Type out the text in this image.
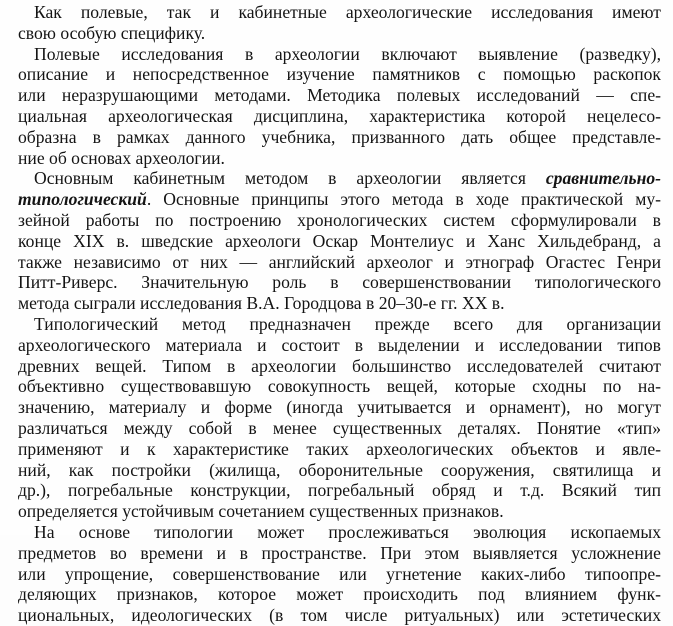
Как полевые, так и кабинетные археологические исследования имеют
свою особую специфику.

Полевые исследования в археологии включают выявление (разведку),
описание и непосредственное изучение памятников с помощью раскопок
или неразрушающими методами. Методика полевых исследований — спе-
циальная археологическая дисциплина, характеристика которой нецелесо-
образна в рамках данного учебника, призванного дать общее представле-
ние об основах археологии.

Основным кабинетным методом в археологии является сравнительно-
типологический. Основные принципы этого метода в ходе практической му-
зейной работы по построению хронологических систем сформулировали в
конце XIX в. шведские археологи Оскар Монтелиус и Ханс Хильдебранд, а
также независимо от них — английский археолог и этнограф Огастес Генри
Питт-Риверс. Значительную роль в совершенствовании типологического
метода сыграли исследования В.А. Городцова в 20–30-е гг. XX в.

Типологический метод предназначен прежде всего для организации
археологического материала и состоит в выделении и исследовании типов
древних вещей. Типом в археологии большинство исследователей считают
объективно существовавшую совокупность вещей, которые сходны по на-
значению, материалу и форме (иногда учитывается и орнамент), но могут
различаться между собой в менее существенных деталях. Понятие «тип»
применяют и к характеристике таких археологических объектов и явле-
ний, как постройки (жилища, оборонительные сооружения, святилища и
др.), погребальные конструкции, погребальный обряд и т.д. Всякий тип
определяется устойчивым сочетанием существенных признаков.

На основе типологии может прослеживаться эволюция ископаемых
предметов во времени и в пространстве. При этом выявляется усложнение
или упрощение, совершенствование или угнетение каких-либо типоопре-
деляющих признаков, которое может происходить под влиянием функ-
циональных, идеологических (в том числе ритуальных) или эстетических
